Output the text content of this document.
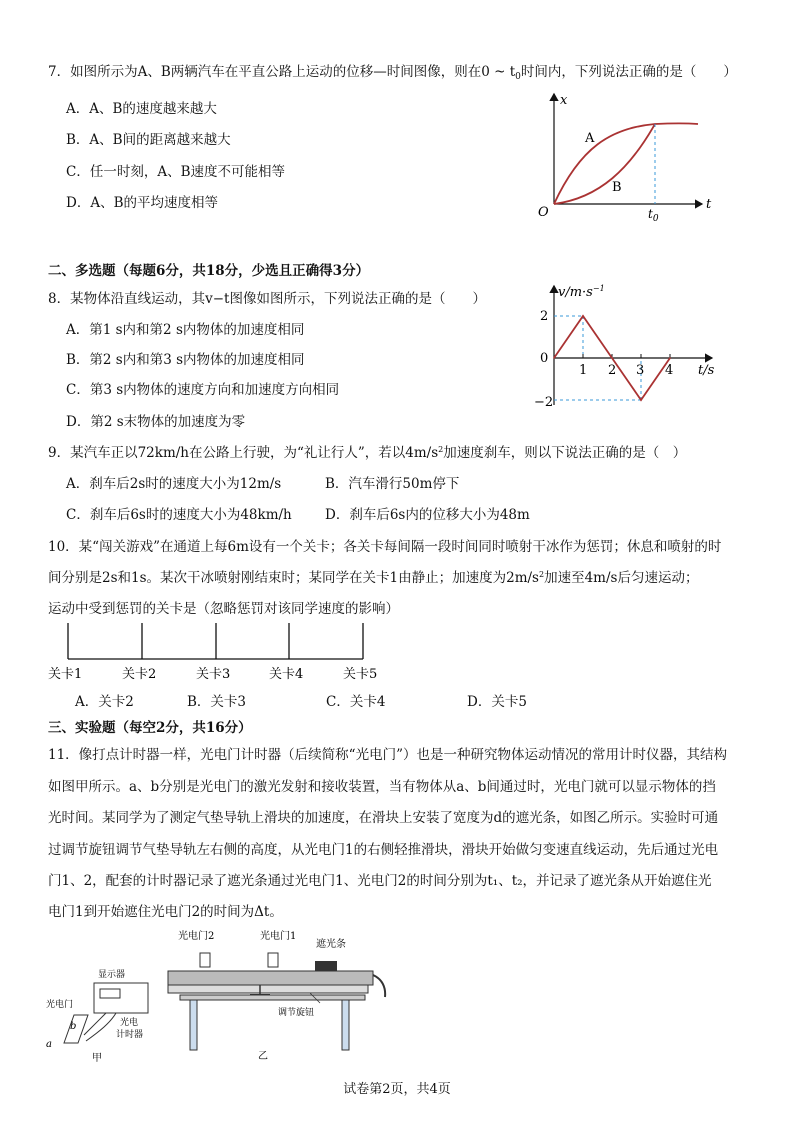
7．如图所示为A、B两辆汽车在平直公路上运动的位移—时间图像，则在0 ~ $t_0$时间内，下列说法正确的是（　　）
A．A、B的速度越来越大
B．A、B间的距离越来越大
C．任一时刻，A、B速度不可能相等
D．A、B的平均速度相等
x
t
O
A
B
$t_0$
二、多选题（每题6分，共18分，少选且正确得3分）
8．某物体沿直线运动，其v−t图像如图所示，下列说法正确的是（　　）
A．第1 s内和第2 s内物体的加速度相同
B．第2 s内和第3 s内物体的加速度相同
C．第3 s内物体的速度方向和加速度方向相同
D．第2 s末物体的加速度为零
$v/m\cdot s^{-1}$
t/s
2
0
−2
1 2 3 4
9．某汽车正以72km/h在公路上行驶，为“礼让行人”，若以$4m/s^2$加速度刹车，则以下说法正确的是（　）
A．刹车后2s时的速度大小为12m/s	B．汽车滑行50m停下
C．刹车后6s时的速度大小为48km/h D．刹车后6s内的位移大小为48m
10．某“闯关游戏”在通道上每6m设有一个关卡；各关卡每间隔一段时间同时喷射干冰作为惩罚；休息和喷射的时
间分别是2s和1s。某次干冰喷射刚结束时；某同学在关卡1由静止；加速度为$2m/s^2$加速至4m/s后匀速运动；
运动中受到惩罚的关卡是（忽略惩罚对该同学速度的影响）
关卡1	关卡2	关卡3	关卡4	关卡5
A．关卡2	B．关卡3	C．关卡4	D．关卡5
三、实验题（每空2分，共16分）
11．像打点计时器一样，光电门计时器（后续简称“光电门”）也是一种研究物体运动情况的常用计时仪器，其结构
如图甲所示。a、b分别是光电门的激光发射和接收装置，当有物体从a、b间通过时，光电门就可以显示物体的挡
光时间。某同学为了测定气垫导轨上滑块的加速度，在滑块上安装了宽度为d的遮光条，如图乙所示。实验时可通
过调节旋钮调节气垫导轨左右侧的高度，从光电门1的右侧轻推滑块，滑块开始做匀变速直线运动，先后通过光电
门1、2，配套的计时器记录了遮光条通过光电门1、光电门2的时间分别为t₁、t₂，并记录了遮光条从开始遮住光
电门1到开始遮住光电门2的时间为Δt。
显示器
光电门
光电
计时器
a
b
甲
光电门2	光电门1
遮光条
调节旋钮
乙
试卷第2页，共4页
